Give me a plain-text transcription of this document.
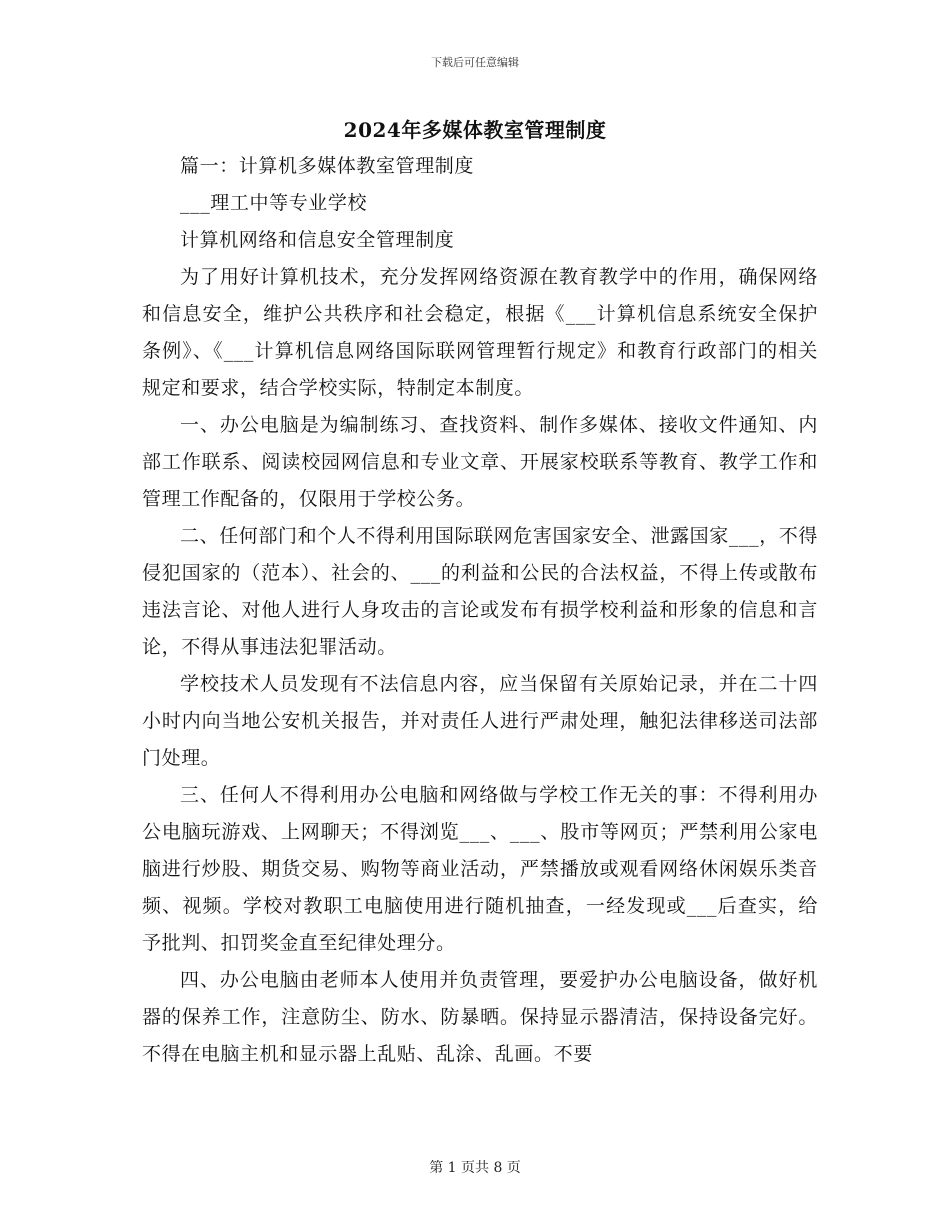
下载后可任意编辑
2024年多媒体教室管理制度

篇一：计算机多媒体教室管理制度

___理工中等专业学校

计算机网络和信息安全管理制度

为了用好计算机技术，充分发挥网络资源在教育教学中的作用，确保网络和信息安全，维护公共秩序和社会稳定，根据《___计算机信息系统安全保护条例》、《___计算机信息网络国际联网管理暂行规定》和教育行政部门的相关规定和要求，结合学校实际，特制定本制度。

一、办公电脑是为编制练习、查找资料、制作多媒体、接收文件通知、内部工作联系、阅读校园网信息和专业文章、开展家校联系等教育、教学工作和管理工作配备的，仅限用于学校公务。

二、任何部门和个人不得利用国际联网危害国家安全、泄露国家___，不得侵犯国家的（范本）、社会的、___的利益和公民的合法权益，不得上传或散布违法言论、对他人进行人身攻击的言论或发布有损学校利益和形象的信息和言论，不得从事违法犯罪活动。

学校技术人员发现有不法信息内容，应当保留有关原始记录，并在二十四小时内向当地公安机关报告，并对责任人进行严肃处理，触犯法律移送司法部门处理。

三、任何人不得利用办公电脑和网络做与学校工作无关的事：不得利用办公电脑玩游戏、上网聊天；不得浏览___、___、股市等网页；严禁利用公家电脑进行炒股、期货交易、购物等商业活动，严禁播放或观看网络休闲娱乐类音频、视频。学校对教职工电脑使用进行随机抽查，一经发现或___后查实，给予批判、扣罚奖金直至纪律处理分。

四、办公电脑由老师本人使用并负责管理，要爱护办公电脑设备，做好机器的保养工作，注意防尘、防水、防暴晒。保持显示器清洁，保持设备完好。不得在电脑主机和显示器上乱贴、乱涂、乱画。不要

第 1 页共 8 页
